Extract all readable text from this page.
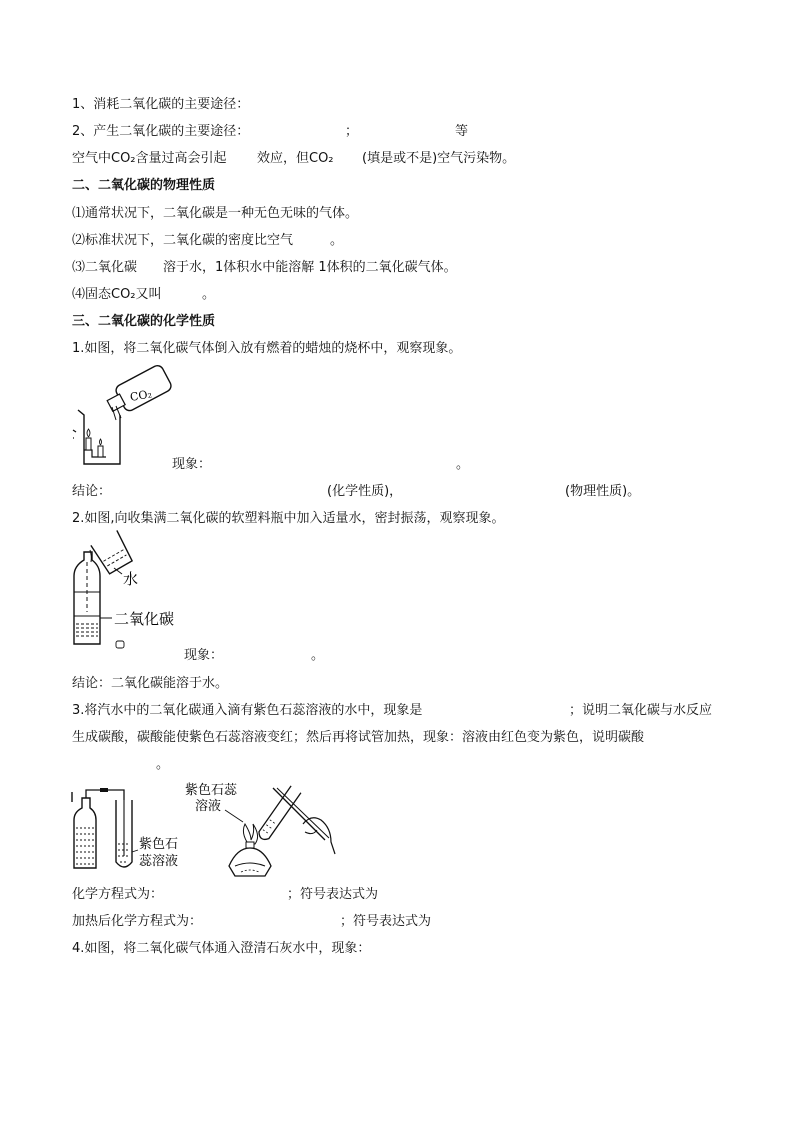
1、消耗二氧化碳的主要途径：
2、产生二氧化碳的主要途径：	；	等
空气中CO₂含量过高会引起 效应，但CO₂ (填是或不是)空气污染物。
二、二氧化碳的物理性质
⑴通常状况下，二氧化碳是一种无色无味的气体。
⑵标准状况下，二氧化碳的密度比空气	。
⑶二氧化碳 溶于水，1体积水中能溶解 1体积的二氧化碳气体。
⑷固态CO₂又叫	。
三、二氧化碳的化学性质
1.如图，将二氧化碳气体倒入放有燃着的蜡烛的烧杯中，观察现象。
CO₂
现象：	。
结论：	(化学性质)，	(物理性质)。
2.如图,向收集满二氧化碳的软塑料瓶中加入适量水，密封振荡，观察现象。
水
二氧化碳
现象：	。
结论：二氧化碳能溶于水。
3.将汽水中的二氧化碳通入滴有紫色石蕊溶液的水中，现象是	；说明二氧化碳与水反应
生成碳酸，碳酸能使紫色石蕊溶液变红；然后再将试管加热，现象：溶液由红色变为紫色，说明碳酸
。
紫色石
蕊溶液
紫色石蕊
溶液
化学方程式为：	；符号表达式为
加热后化学方程式为：	；符号表达式为
4.如图，将二氧化碳气体通入澄清石灰水中，现象：
